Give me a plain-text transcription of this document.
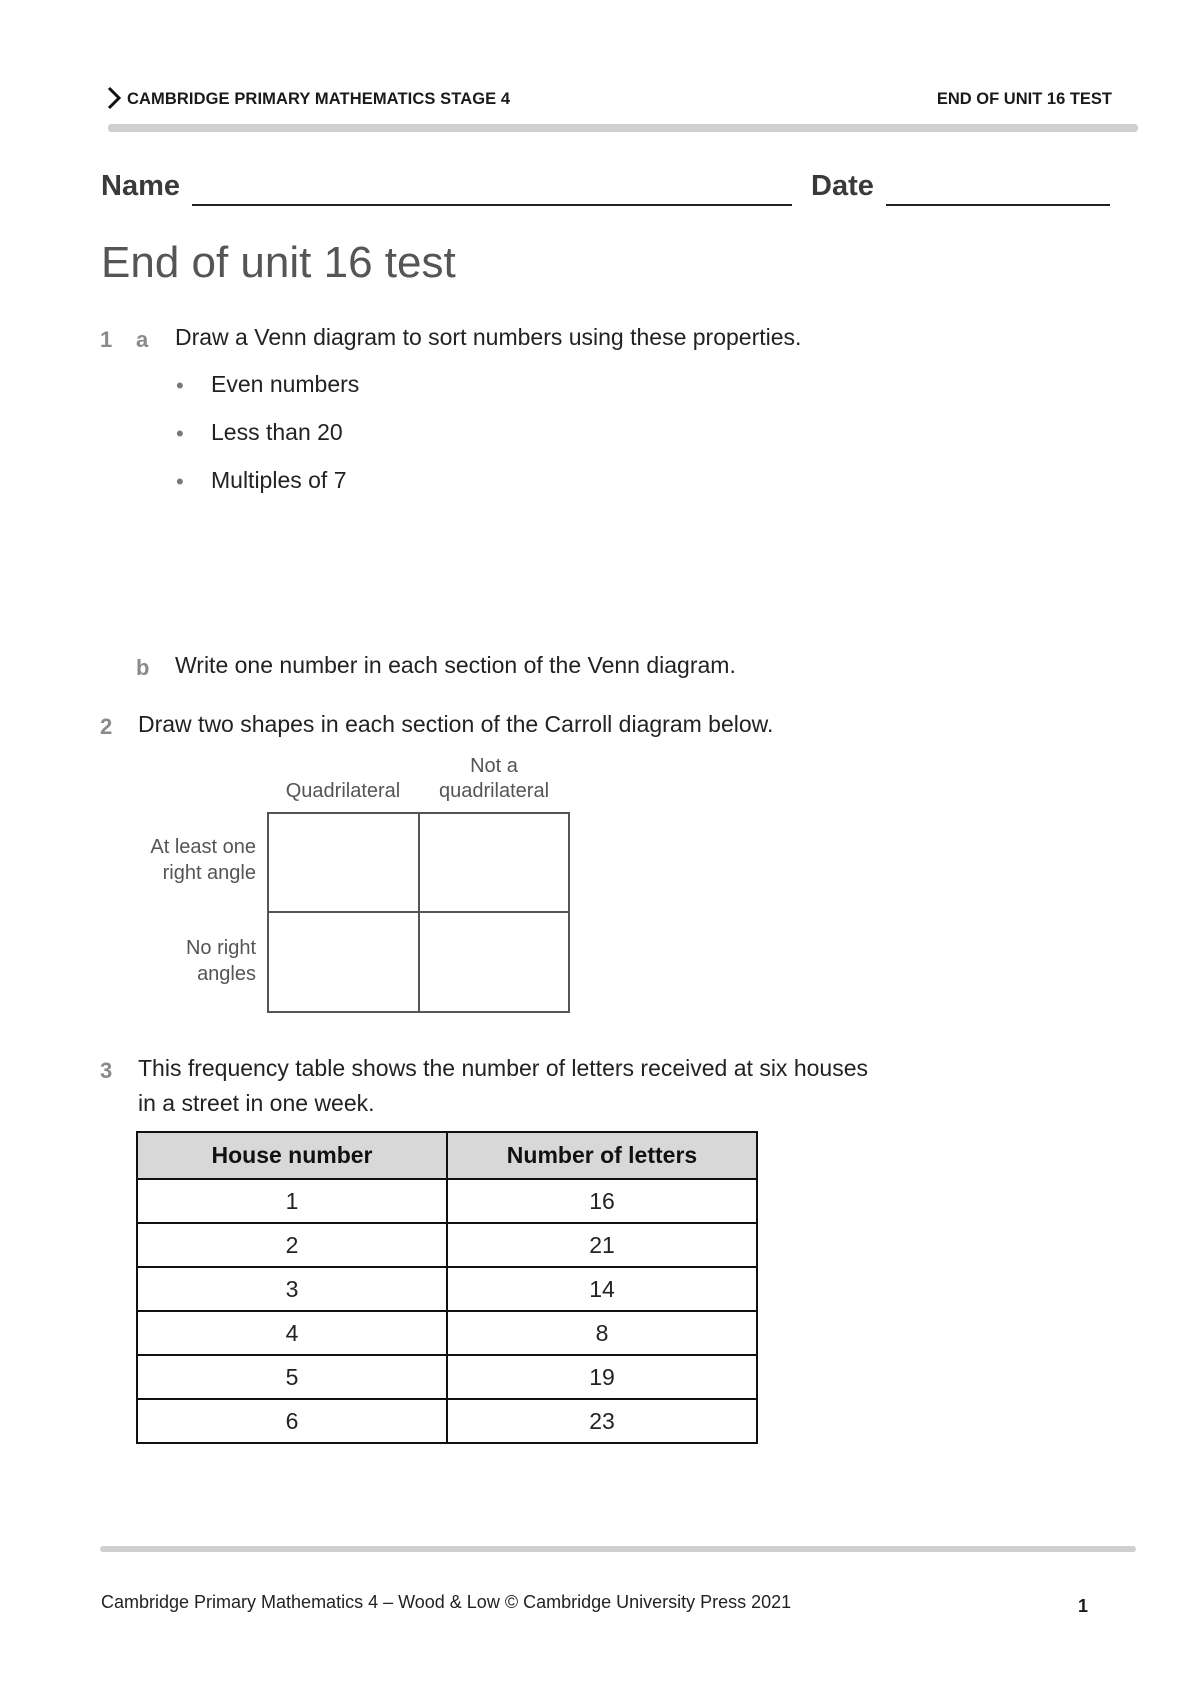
CAMBRIDGE PRIMARY MATHEMATICS STAGE 4	END OF UNIT 16 TEST
Name	Date
End of unit 16 test
1 a Draw a Venn diagram to sort numbers using these properties.
• Even numbers
• Less than 20
• Multiples of 7
b Write one number in each section of the Venn diagram.
2 Draw two shapes in each section of the Carroll diagram below.
Quadrilateral
Not a
quadrilateral
At least one
right angle
No right
angles
3 This frequency table shows the number of letters received at six houses
in a street in one week.
House number	Number of letters
1	16
2	21
3	14
4	8
5	19
6	23
Cambridge Primary Mathematics 4 – Wood & Low © Cambridge University Press 2021	1
